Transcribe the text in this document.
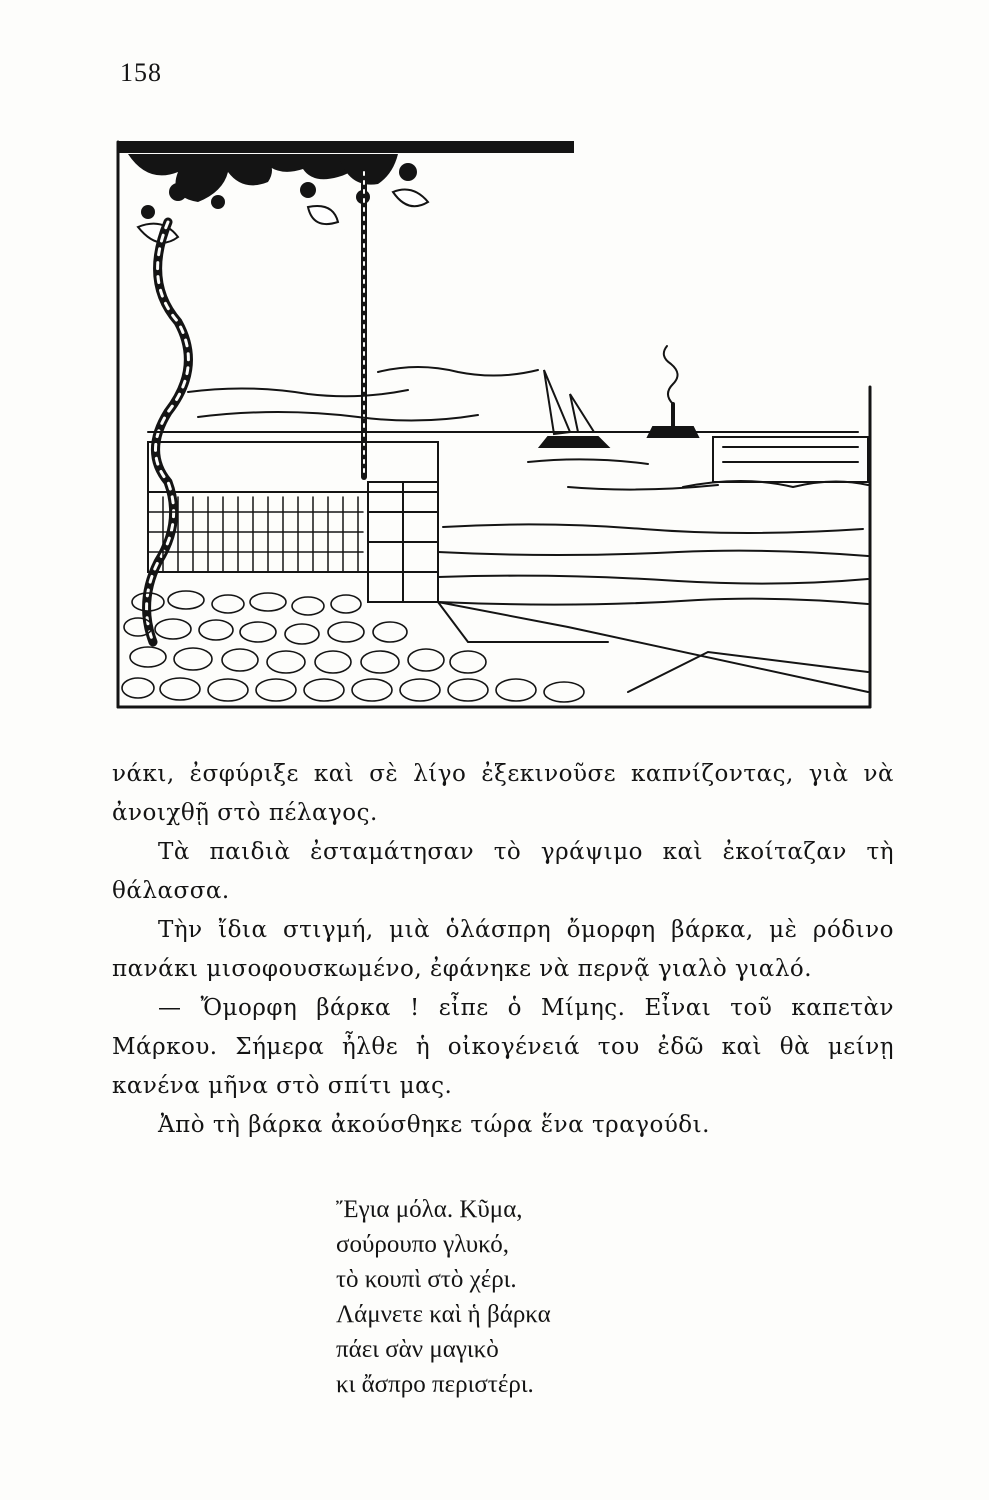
158

νάκι, ἐσφύριξε καὶ σὲ λίγο ἐξεκινοῦσε καπνίζοντας, γιὰ νὰ ἀνοιχθῇ στὸ πέλαγος.

Τὰ παιδιὰ ἐσταμάτησαν τὸ γράψιμο καὶ ἐκοίταζαν τὴ θάλασσα.

Τὴν ἴδια στιγμή, μιὰ ὁλάσπρη ὄμορφη βάρκα, μὲ ρόδινο πανάκι μισοφουσκωμένο, ἐφάνηκε νὰ περνᾷ γιαλὸ γιαλό.

— Ὄμορφη βάρκα ! εἶπε ὁ Μίμης. Εἶναι τοῦ καπετὰν Μάρκου. Σήμερα ἦλθε ἡ οἰκογένειά του ἐδῶ καὶ θὰ μείνῃ κανένα μῆνα στὸ σπίτι μας.

Ἀπὸ τὴ βάρκα ἀκούσθηκε τώρα ἕνα τραγούδι.

Ἔγια μόλα. Κῦμα,
σούρουπο γλυκό,
τὸ κουπὶ στὸ χέρι.
Λάμνετε καὶ ἡ βάρκα
πάει σὰν μαγικὸ
κι ἄσπρο περιστέρι.
